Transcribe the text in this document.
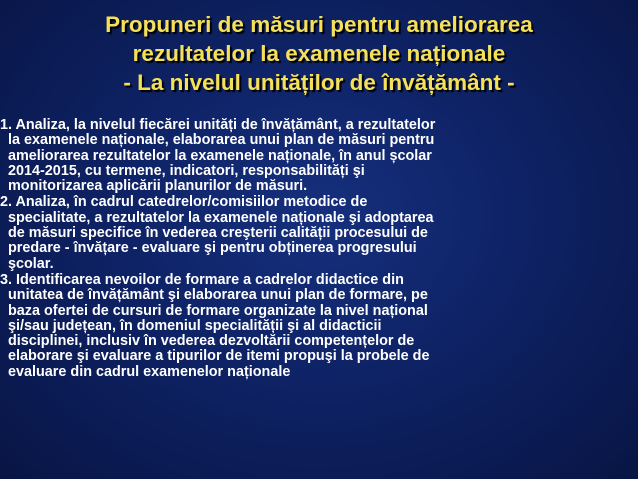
Propuneri de măsuri pentru ameliorarea
rezultatelor la examenele naționale
- La nivelul unităților de învățământ -
1. Analiza, la nivelul fiecărei unități de învățământ, a rezultatelor
la examenele naționale, elaborarea unui plan de măsuri pentru
ameliorarea rezultatelor la examenele naționale, în anul școlar
2014-2015, cu termene, indicatori, responsabilități şi
monitorizarea aplicării planurilor de măsuri.
2. Analiza, în cadrul catedrelor/comisiilor metodice de
specialitate, a rezultatelor la examenele naționale şi adoptarea
de măsuri specifice în vederea creşterii calității procesului de
predare - învățare - evaluare şi pentru obținerea progresului
şcolar.
3. Identificarea nevoilor de formare a cadrelor didactice din
unitatea de învățământ şi elaborarea unui plan de formare, pe
baza ofertei de cursuri de formare organizate la nivel național
şi/sau județean, în domeniul specialității şi al didacticii
disciplinei, inclusiv în vederea dezvoltării competențelor de
elaborare şi evaluare a tipurilor de itemi propuşi la probele de
evaluare din cadrul examenelor naționale
